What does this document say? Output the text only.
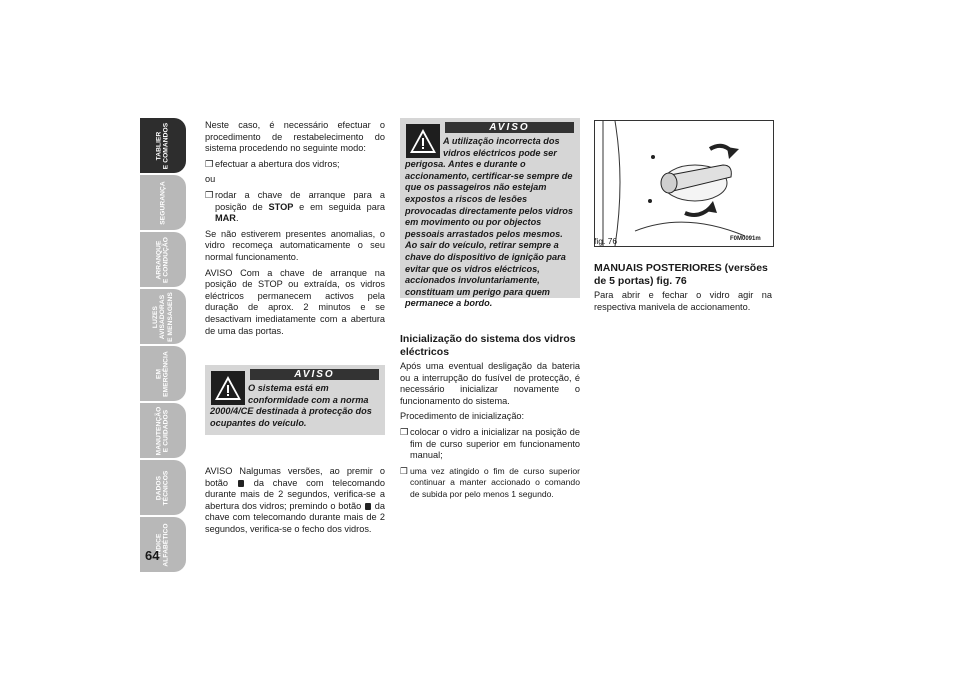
TABLIER
E COMANDOS
SEGURANÇA
ARRANQUE
E CONDUÇÃO
LUZES
AVISADORAS
E MENSAGENS
EM
EMERGÊNCIA
MANUTENÇÃO
E CUIDADOS
DADOS
TÉCNICOS
ÍNDICE
ALFABÉTICO
64

Neste caso, é necessário efectuar o procedimento de restabelecimento do sistema procedendo no seguinte modo:

❒ efectuar a abertura dos vidros;

ou

❒ rodar a chave de arranque para a posição de STOP e em seguida para MAR.

Se não estiverem presentes anomalias, o vidro recomeça automaticamente o seu normal funcionamento.

AVISO Com a chave de arranque na posição de STOP ou extraída, os vidros eléctricos permanecem activos pela duração de aprox. 2 minutos e se desactivam imediatamente com a abertura de uma das portas.

AVISO
O sistema está em conformidade com a norma 2000/4/CE destinada à protecção dos ocupantes do veículo.

AVISO Nalgumas versões, ao premir o botão	da chave com telecomando durante mais de 2 segundos, verifica-se a abertura dos vidros; premindo o botão da chave com telecomando durante mais de 2 segundos, verifica-se o fecho dos vidros.

AVISO
A utilização incorrecta dos vidros eléctricos pode ser perigosa. Antes e durante o accionamento, certificar-se sempre de que os passageiros não estejam expostos a riscos de lesões provocadas directamente pelos vidros em movimento ou por objectos pessoais arrastados pelos mesmos. Ao sair do veículo, retirar sempre a chave do dispositivo de ignição para evitar que os vidros eléctricos, accionados involuntariamente, constituam um perigo para quem permanece a bordo.
Inicialização do sistema dos vidros eléctricos

Após uma eventual desligação da bateria ou a interrupção do fusível de protecção, é necessário inicializar novamente o funcionamento do sistema.

Procedimento de inicialização:

❒ colocar o vidro a inicializar na posição de fim de curso superior em funcionamento manual;
❒ uma vez atingido o fim de curso superior continuar a manter accionado o comando de subida por pelo menos 1 segundo.
fig. 76	F0M0091m
MANUAIS POSTERIORES (versões de 5 portas) fig. 76

Para abrir e fechar o vidro agir na respectiva manivela de accionamento.
